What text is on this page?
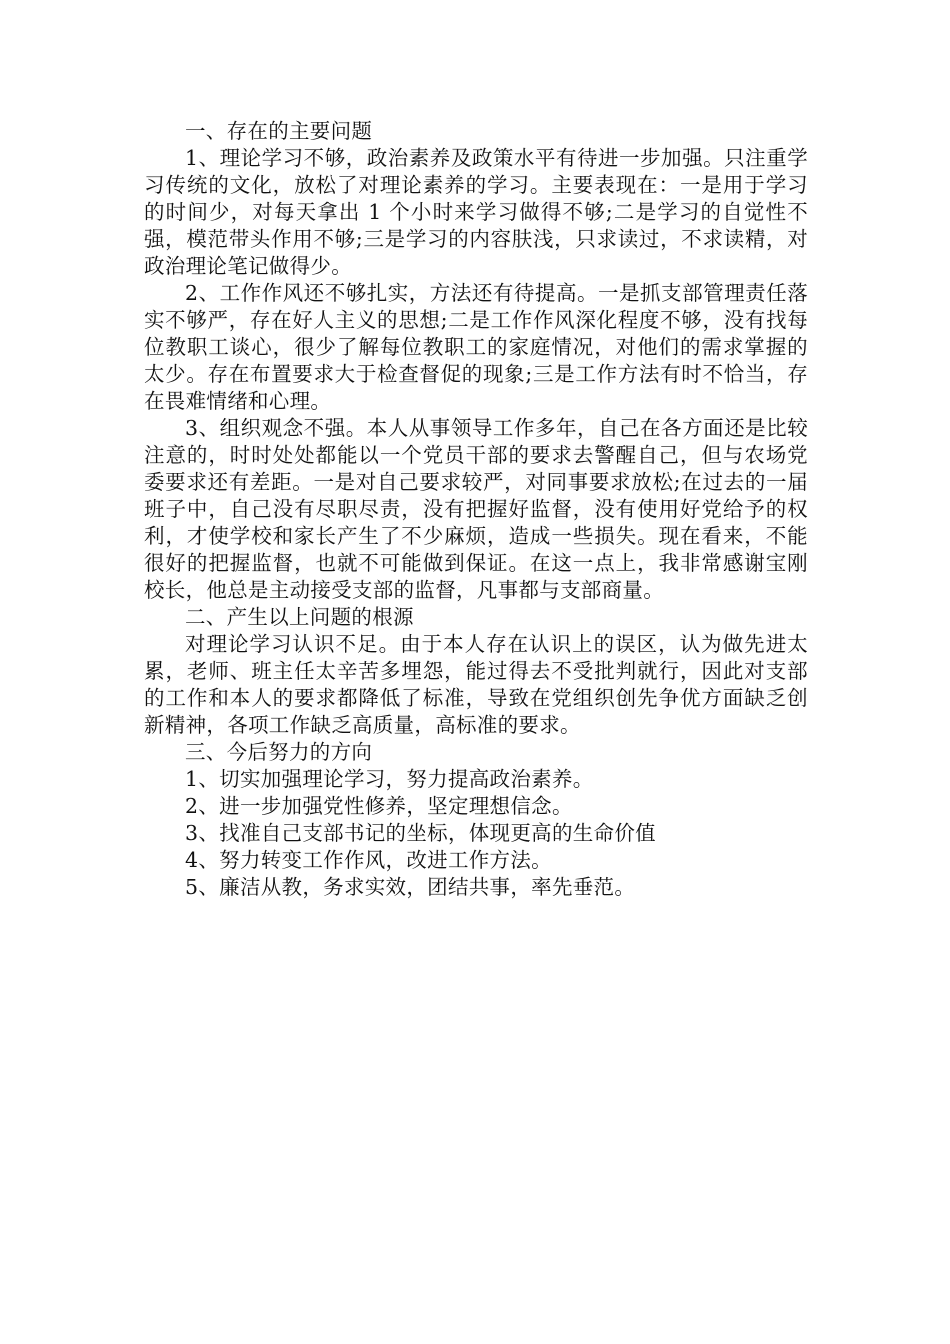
一、存在的主要问题

1、理论学习不够，政治素养及政策水平有待进一步加强。只注重学习传统的文化，放松了对理论素养的学习。主要表现在：一是用于学习的时间少，对每天拿出 1 个小时来学习做得不够;二是学习的自觉性不强，模范带头作用不够;三是学习的内容肤浅，只求读过，不求读精，对政治理论笔记做得少。

2、工作作风还不够扎实，方法还有待提高。一是抓支部管理责任落实不够严，存在好人主义的思想;二是工作作风深化程度不够，没有找每位教职工谈心，很少了解每位教职工的家庭情况，对他们的需求掌握的太少。存在布置要求大于检查督促的现象;三是工作方法有时不恰当，存在畏难情绪和心理。

3、组织观念不强。本人从事领导工作多年，自己在各方面还是比较注意的，时时处处都能以一个党员干部的要求去警醒自己，但与农场党委要求还有差距。一是对自己要求较严，对同事要求放松;在过去的一届班子中，自己没有尽职尽责，没有把握好监督，没有使用好党给予的权利，才使学校和家长产生了不少麻烦，造成一些损失。现在看来，不能很好的把握监督，也就不可能做到保证。在这一点上，我非常感谢宝刚校长，他总是主动接受支部的监督，凡事都与支部商量。

二、产生以上问题的根源

对理论学习认识不足。由于本人存在认识上的误区，认为做先进太累，老师、班主任太辛苦多埋怨，能过得去不受批判就行，因此对支部的工作和本人的要求都降低了标准，导致在党组织创先争优方面缺乏创新精神，各项工作缺乏高质量，高标准的要求。

三、今后努力的方向

1、切实加强理论学习，努力提高政治素养。

2、进一步加强党性修养，坚定理想信念。

3、找准自己支部书记的坐标，体现更高的生命价值

4、努力转变工作作风，改进工作方法。

5、廉洁从教，务求实效，团结共事，率先垂范。
